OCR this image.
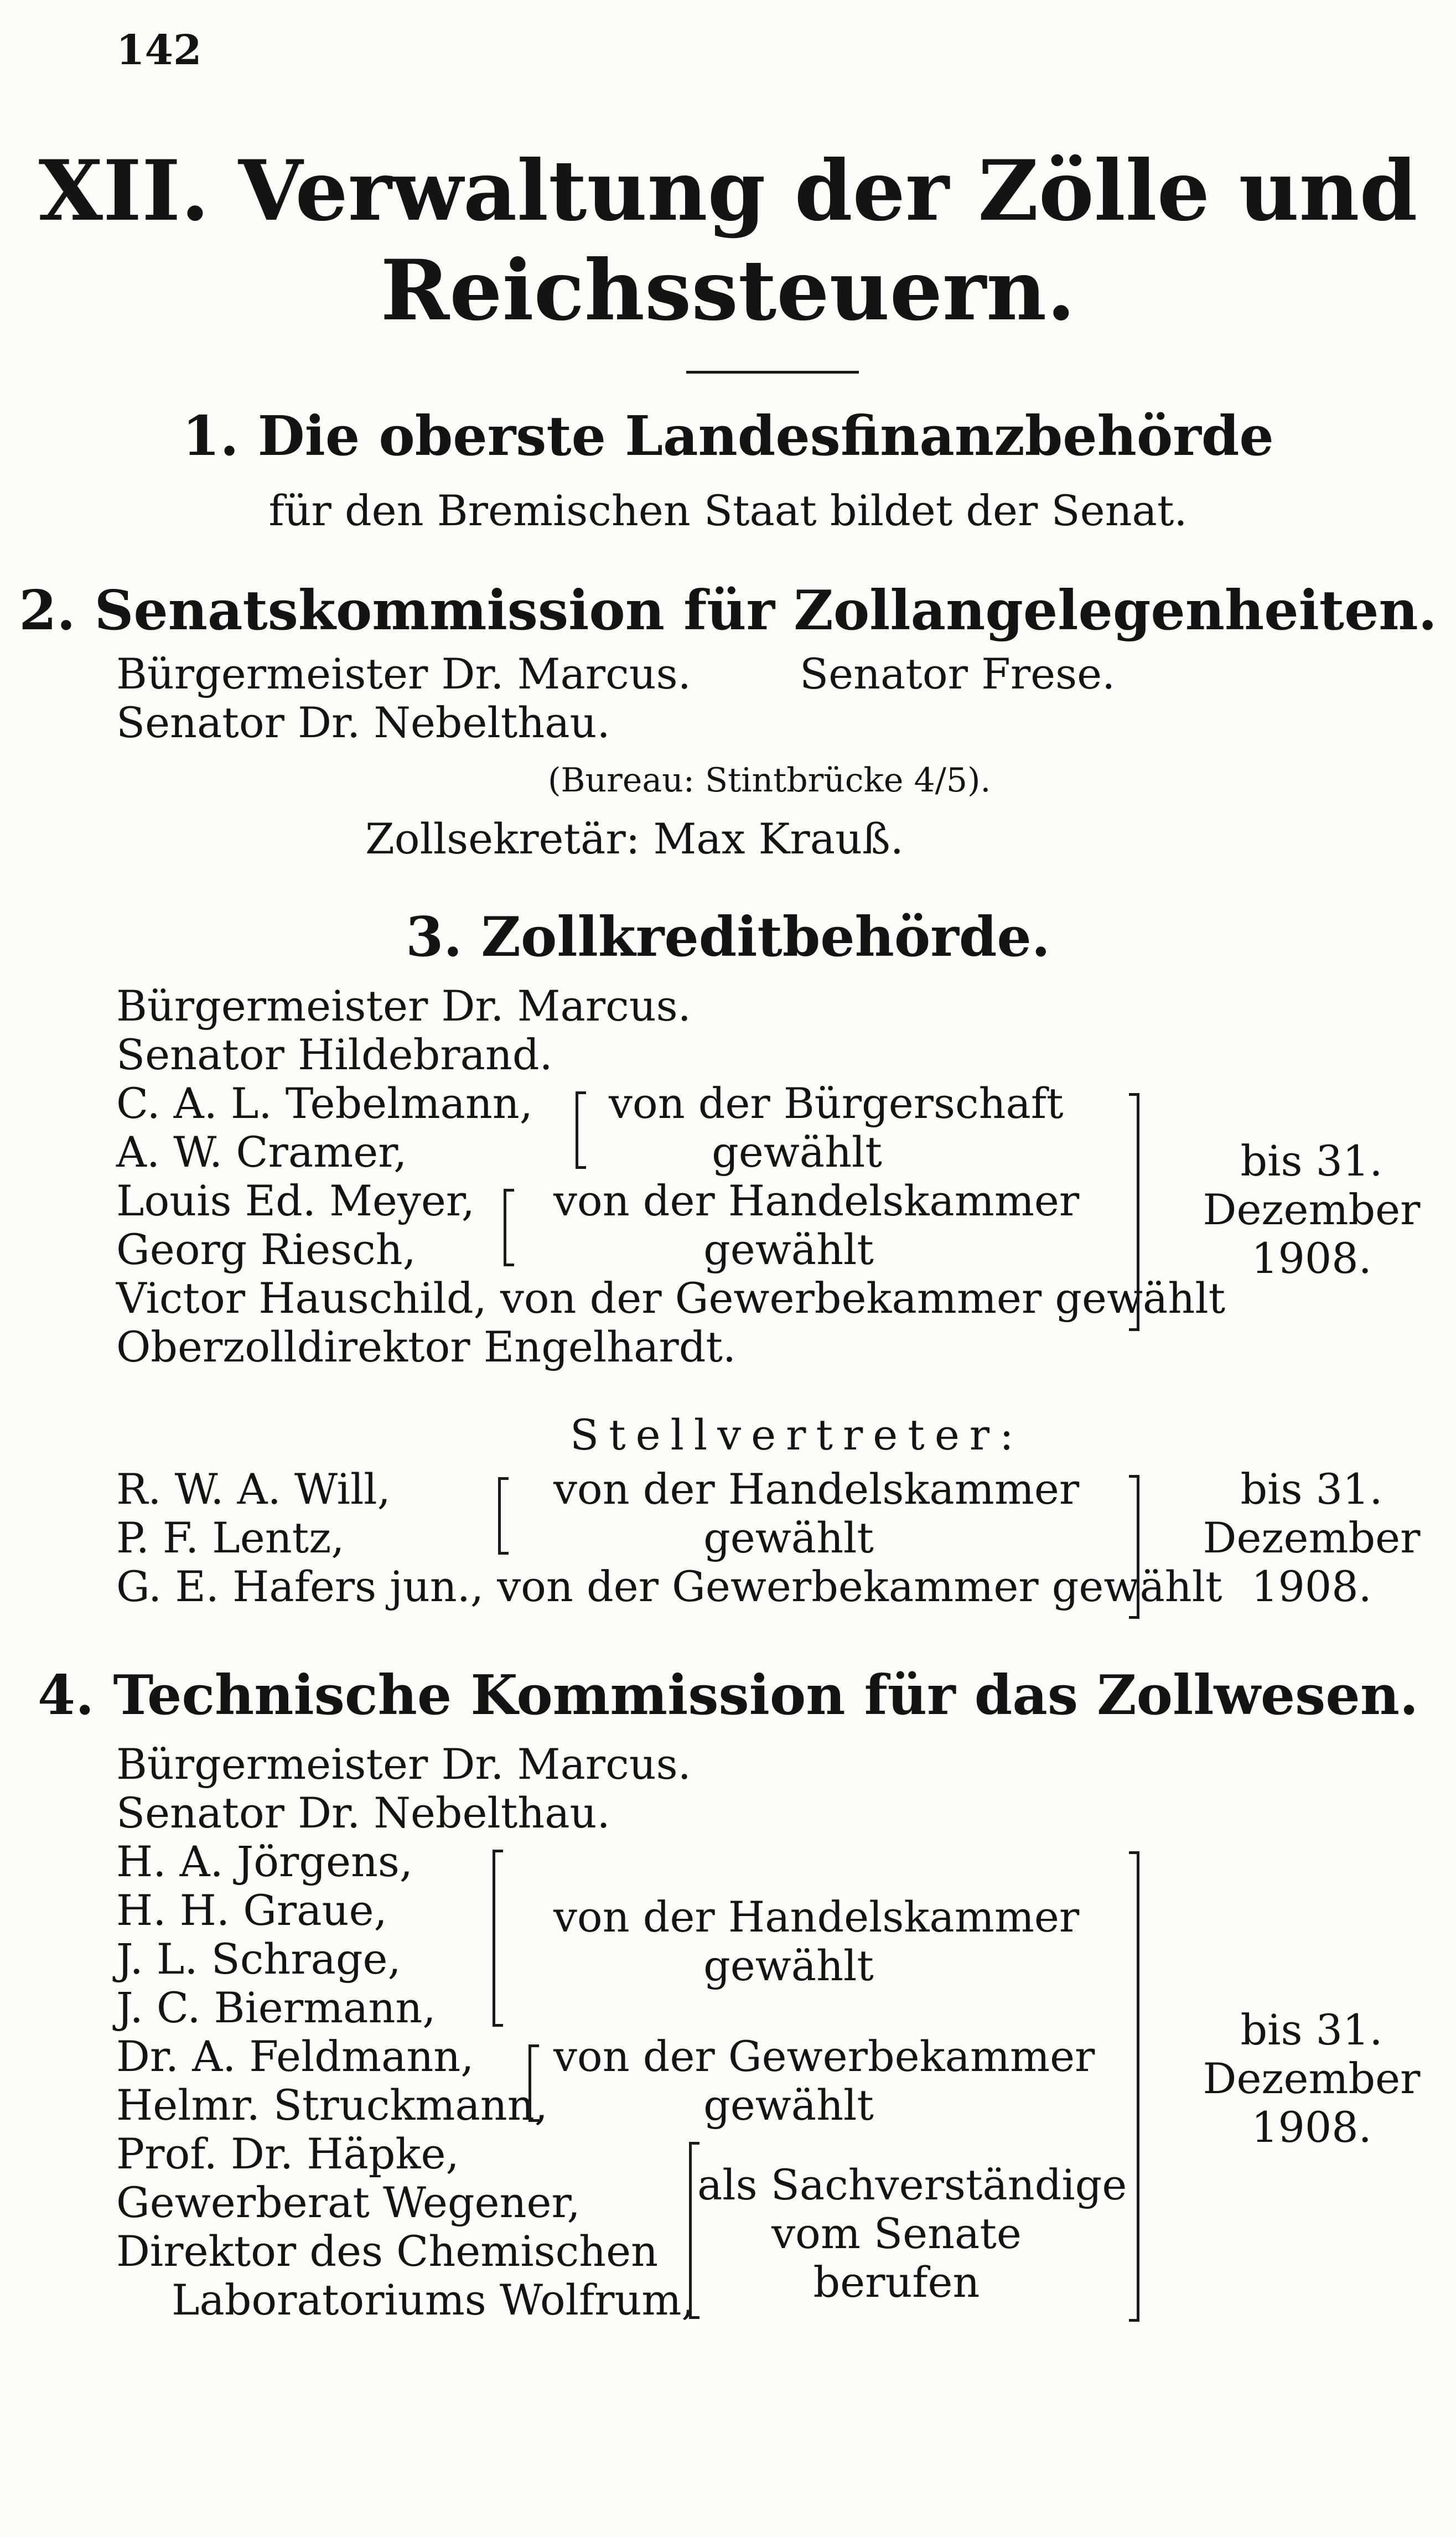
142
XII. Verwaltung der Zölle und
Reichssteuern.
1. Die oberste Landesfinanzbehörde
für den Bremischen Staat bildet der Senat.
2. Senatskommission für Zollangelegenheiten.
Bürgermeister Dr. Marcus.	Senator Frese.
Senator Dr. Nebelthau.
(Bureau: Stintbrücke 4/5).
Zollsekretär: Max Krauß.
3. Zollkreditbehörde.
Bürgermeister Dr. Marcus.
Senator Hildebrand.
C. A. L. Tebelmann,
A. W. Cramer,
von der Bürgerschaft
gewählt
Louis Ed. Meyer,
Georg Riesch,
von der Handelskammer
gewählt
Victor Hauschild, von der Gewerbekammer gewählt
Oberzolldirektor Engelhardt.
bis 31.
Dezember
1908.
Stellvertreter:
R. W. A. Will,
P. F. Lentz,
von der Handelskammer
gewählt
G. E. Hafers jun., von der Gewerbekammer gewählt
bis 31.
Dezember
1908.
4. Technische Kommission für das Zollwesen.
Bürgermeister Dr. Marcus.
Senator Dr. Nebelthau.
H. A. Jörgens,
H. H. Graue,
J. L. Schrage,
J. C. Biermann,
von der Handelskammer
gewählt
Dr. A. Feldmann,
Helmr. Struckmann,
von der Gewerbekammer
gewählt
Prof. Dr. Häpke,
Gewerberat Wegener,
Direktor des Chemischen
Laboratoriums Wolfrum,
als Sachverständige
vom Senate
berufen
bis 31.
Dezember
1908.
